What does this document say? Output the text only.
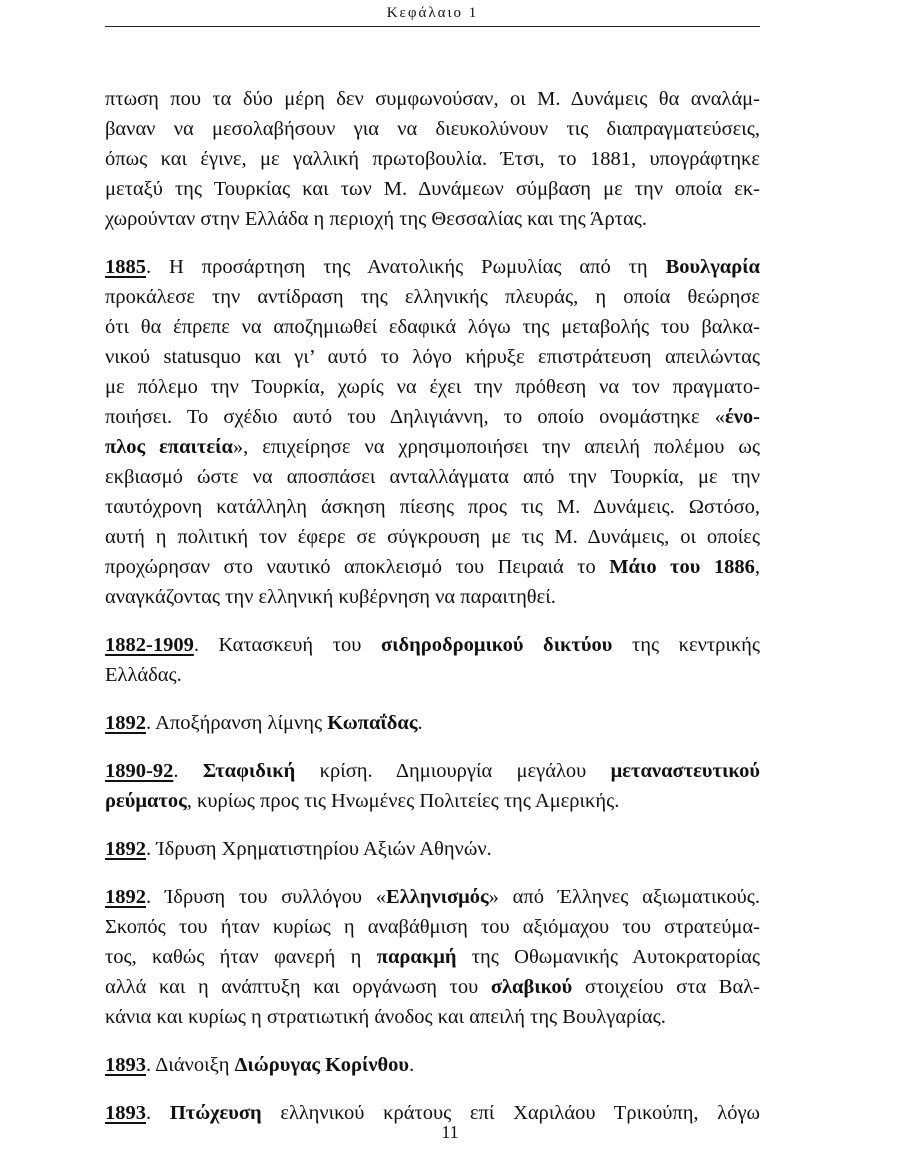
Κεφάλαιο 1
πτωση που τα δύο μέρη δεν συμφωνούσαν, οι Μ. Δυνάμεις θα αναλάμ-
βαναν να μεσολαβήσουν για να διευκολύνουν τις διαπραγματεύσεις,
όπως και έγινε, με γαλλική πρωτοβουλία. Έτσι, το 1881, υπογράφτηκε
μεταξύ της Τουρκίας και των Μ. Δυνάμεων σύμβαση με την οποία εκ-
χωρούνταν στην Ελλάδα η περιοχή της Θεσσαλίας και της Άρτας.
1885. Η προσάρτηση της Ανατολικής Ρωμυλίας από τη Βουλγαρία
προκάλεσε την αντίδραση της ελληνικής πλευράς, η οποία θεώρησε
ότι θα έπρεπε να αποζημιωθεί εδαφικά λόγω της μεταβολής του βαλκα-
νικού statusquo και γι’ αυτό το λόγο κήρυξε επιστράτευση απειλώντας
με πόλεμο την Τουρκία, χωρίς να έχει την πρόθεση να τον πραγματο-
ποιήσει. Το σχέδιο αυτό του Δηλιγιάννη, το οποίο ονομάστηκε «ένο-
πλος επαιτεία», επιχείρησε να χρησιμοποιήσει την απειλή πολέμου ως
εκβιασμό ώστε να αποσπάσει ανταλλάγματα από την Τουρκία, με την
ταυτόχρονη κατάλληλη άσκηση πίεσης προς τις Μ. Δυνάμεις. Ωστόσο,
αυτή η πολιτική τον έφερε σε σύγκρουση με τις Μ. Δυνάμεις, οι οποίες
προχώρησαν στο ναυτικό αποκλεισμό του Πειραιά το Μάιο του 1886,
αναγκάζοντας την ελληνική κυβέρνηση να παραιτηθεί.
1882-1909. Κατασκευή του σιδηροδρομικού δικτύου της κεντρικής
Ελλάδας.
1892. Αποξήρανση λίμνης Κωπαΐδας.
1890-92. Σταφιδική κρίση. Δημιουργία μεγάλου μεταναστευτικού
ρεύματος, κυρίως προς τις Ηνωμένες Πολιτείες της Αμερικής.
1892. Ίδρυση Χρηματιστηρίου Αξιών Αθηνών.
1892. Ίδρυση του συλλόγου «Ελληνισμός» από Έλληνες αξιωματικούς.
Σκοπός του ήταν κυρίως η αναβάθμιση του αξιόμαχου του στρατεύμα-
τος, καθώς ήταν φανερή η παρακμή της Οθωμανικής Αυτοκρατορίας
αλλά και η ανάπτυξη και οργάνωση του σλαβικού στοιχείου στα Βαλ-
κάνια και κυρίως η στρατιωτική άνοδος και απειλή της Βουλγαρίας.
1893. Διάνοιξη Διώρυγας Κορίνθου.
1893. Πτώχευση ελληνικού κράτους επί Χαριλάου Τρικούπη, λόγω
11
